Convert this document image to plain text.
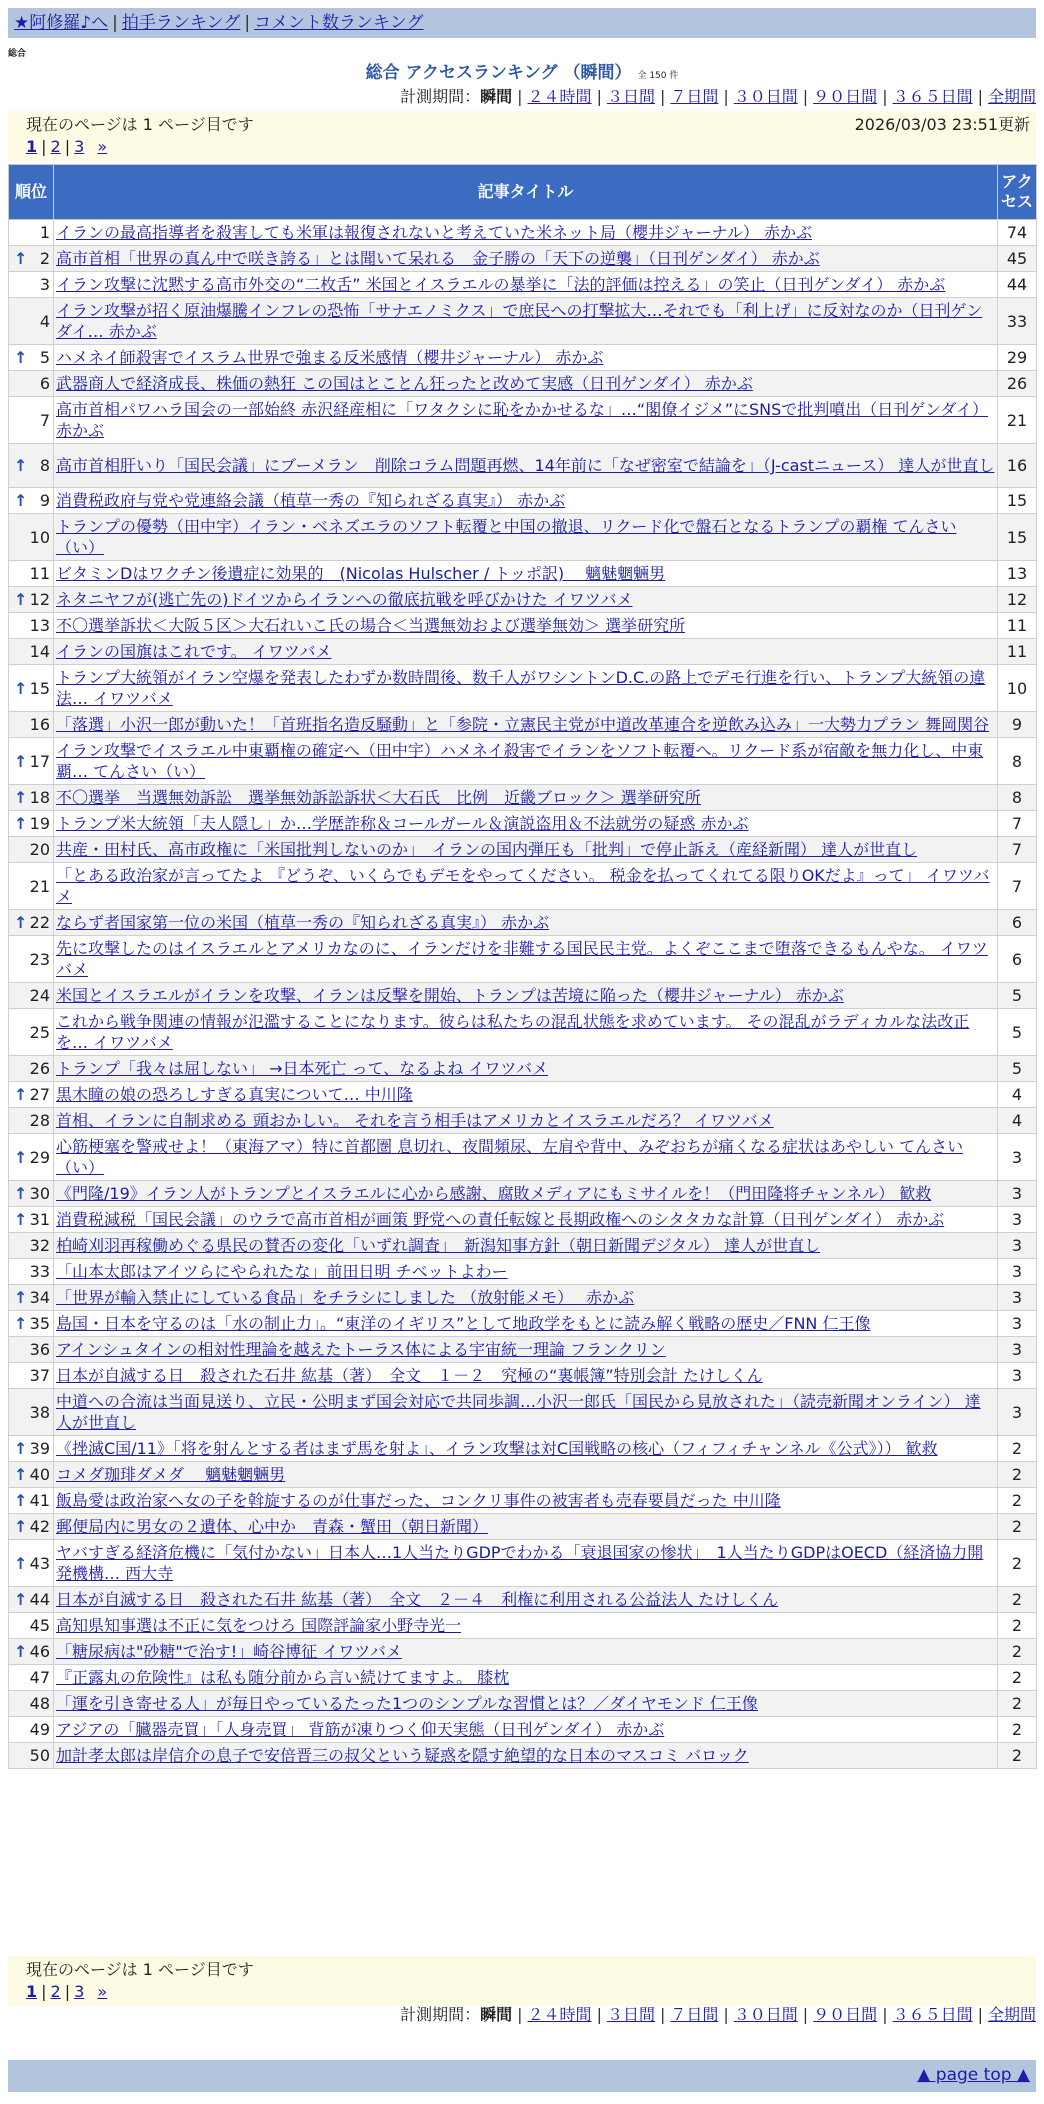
★阿修羅♪へ | 拍手ランキング | コメント数ランキング
総合
総合 アクセスランキング （瞬間） 全 150 件
計測期間：瞬間 | ２４時間 | ３日間 | ７日間 | ３０日間 | ９０日間 | ３６５日間 | 全期間
現在のページは 1 ページ目です
1 | 2 | 3 »
2026/03/03 23:51更新
順位	記事タイトル	アクセス
1	イランの最高指導者を殺害しても米軍は報復されないと考えていた米ネット局（櫻井ジャーナル） 赤かぶ	74

↑ 2	高市首相「世界の真ん中で咲き誇る」とは聞いて呆れる　金子勝の「天下の逆襲」（日刊ゲンダイ） 赤かぶ	45
3	イラン攻撃に沈黙する高市外交の“二枚舌” 米国とイスラエルの暴挙に「法的評価は控える」の笑止（日刊ゲンダイ） 赤かぶ	44
4	イラン攻撃が招く原油爆騰インフレの恐怖「サナエノミクス」で庶民への打撃拡大…それでも「利上げ」に反対なのか（日刊ゲンダイ… 赤かぶ	33

↑ 5	ハメネイ師殺害でイスラム世界で強まる反米感情（櫻井ジャーナル） 赤かぶ	29
6	武器商人で経済成長、株価の熱狂 この国はとことん狂ったと改めて実感（日刊ゲンダイ） 赤かぶ	26
7	高市首相パワハラ国会の一部始終 赤沢経産相に「ワタクシに恥をかかせるな」…“閣僚イジメ”にSNSで批判噴出（日刊ゲンダイ） 赤かぶ	21

↑ 8	高市首相肝いり「国民会議」にブーメラン　削除コラム問題再燃、14年前に「なぜ密室で結論を」（J-castニュース） 達人が世直し	16

↑ 9	消費税政府与党や党連絡会議（植草一秀の『知られざる真実』） 赤かぶ	15
10	トランプの優勢（田中宇）イラン・ベネズエラのソフト転覆と中国の撤退、リクード化で盤石となるトランプの覇権 てんさい（い）	15
11	ビタミンDはワクチン後遺症に効果的　(Nicolas Hulscher / トッポ訳)　 魑魅魍魎男	13

↑ 12	ネタニヤフが(逃亡先の)ドイツからイランへの徹底抗戦を呼びかけた イワツバメ	12
13	不〇選挙訴状＜大阪５区＞大石れいこ氏の場合＜当選無効および選挙無効＞ 選挙研究所	11
14	イランの国旗はこれです。 イワツバメ	11

↑ 15	トランプ大統領がイラン空爆を発表したわずか数時間後、数千人がワシントンD.C.の路上でデモ行進を行い、トランプ大統領の違法… イワツバメ	10
16	「落選」小沢一郎が動いた！「首班指名造反騒動」と「参院・立憲民主党が中道改革連合を逆飲み込み」一大勢力プラン 舞岡関谷	9

↑ 17	イラン攻撃でイスラエル中東覇権の確定へ（田中宇）ハメネイ殺害でイランをソフト転覆へ。リクード系が宿敵を無力化し、中東覇… てんさい（い）	8

↑ 18	不〇選挙　当選無効訴訟　選挙無効訴訟訴状＜大石氏　比例　近畿ブロック＞ 選挙研究所	8

↑ 19	トランプ米大統領「夫人隠し」か…学歴詐称＆コールガール＆演説盗用＆不法就労の疑惑 赤かぶ	7
20	共産・田村氏、高市政権に「米国批判しないのか」　イランの国内弾圧も「批判」で停止訴え（産経新聞） 達人が世直し	7
21	「とある政治家が言ってたよ 『どうぞ、いくらでもデモをやってください。 税金を払ってくれてる限りOKだよ』って」 イワツバメ	7

↑ 22	ならず者国家第一位の米国（植草一秀の『知られざる真実』） 赤かぶ	6
23	先に攻撃したのはイスラエルとアメリカなのに、イランだけを非難する国民民主党。よくぞここまで堕落できるもんやな。 イワツバメ	6
24	米国とイスラエルがイランを攻撃、イランは反撃を開始、トランプは苦境に陥った（櫻井ジャーナル） 赤かぶ	5
25	これから戦争関連の情報が氾濫することになります。彼らは私たちの混乱状態を求めています。 その混乱がラディカルな法改正を… イワツバメ	5
26	トランプ「我々は屈しない」 →日本死亡 って、なるよね イワツバメ	5

↑ 27	黒木瞳の娘の恐ろしすぎる真実について… 中川隆	4
28	首相、イランに自制求める 頭おかしい。 それを言う相手はアメリカとイスラエルだろ？ イワツバメ	4

↑ 29	心筋梗塞を警戒せよ！（東海アマ）特に首都圏 息切れ、夜間頻尿、左肩や背中、みぞおちが痛くなる症状はあやしい てんさい（い）	3

↑ 30	《門隆/19》イラン人がトランプとイスラエルに心から感謝、腐敗メディアにもミサイルを！（門田隆将チャンネル） 歓救	3

↑ 31	消費税減税「国民会議」のウラで高市首相が画策 野党への責任転嫁と長期政権へのシタタカな計算（日刊ゲンダイ） 赤かぶ	3
32	柏崎刈羽再稼働めぐる県民の賛否の変化「いずれ調査」　新潟知事方針（朝日新聞デジタル） 達人が世直し	3
33	「山本太郎はアイツらにやられたな」前田日明 チベットよわー	3

↑ 34	「世界が輸入禁止にしている食品」をチラシにしました （放射能メモ）　 赤かぶ	3

↑ 35	島国・日本を守るのは「水の制止力」。“東洋のイギリス”として地政学をもとに読み解く戦略の歴史／FNN 仁王像	3
36	アインシュタインの相対性理論を越えたトーラス体による宇宙統一理論 フランクリン	3
37	日本が自滅する日　殺された石井 紘基（著）　全文　１－２　究極の“裏帳簿”特別会計 たけしくん	3
38	中道への合流は当面見送り、立民・公明まず国会対応で共同歩調…小沢一郎氏「国民から見放された」（読売新聞オンライン） 達人が世直し	3

↑ 39	《挫滅C国/11》「将を射んとする者はまず馬を射よ」、イラン攻撃は対C国戦略の核心（フィフィチャンネル《公式》）） 歓救	2

↑ 40	コメダ珈琲ダメダ　 魑魅魍魎男	2

↑ 41	飯島愛は政治家へ女の子を斡旋するのが仕事だった、コンクリ事件の被害者も売春要員だった 中川隆	2

↑ 42	郵便局内に男女の２遺体、心中か　青森・蟹田（朝日新聞）	2

↑ 43	ヤバすぎる経済危機に「気付かない」日本人…1人当たりGDPでわかる「衰退国家の惨状」　1人当たりGDPはOECD（経済協力開発機構… 西大寺	2

↑ 44	日本が自滅する日　殺された石井 紘基（著）　全文　２－４　利権に利用される公益法人 たけしくん	2
45	高知県知事選は不正に気をつけろ 国際評論家小野寺光一	2

↑ 46	「糖尿病は"砂糖"で治す!」崎谷博征 イワツバメ	2
47	『正露丸の危険性』は私も随分前から言い続けてますよ。 膝枕	2
48	「運を引き寄せる人」が毎日やっているたった1つのシンプルな習慣とは？／ダイヤモンド 仁王像	2
49	アジアの「臓器売買」「人身売買」 背筋が凍りつく仰天実態（日刊ゲンダイ） 赤かぶ	2
50	加計孝太郎は岸信介の息子で安倍晋三の叔父という疑惑を隠す絶望的な日本のマスコミ バロック	2
現在のページは 1 ページ目です
1 | 2 | 3 »
計測期間：瞬間 | ２４時間 | ３日間 | ７日間 | ３０日間 | ９０日間 | ３６５日間 | 全期間
▲ page top ▲
